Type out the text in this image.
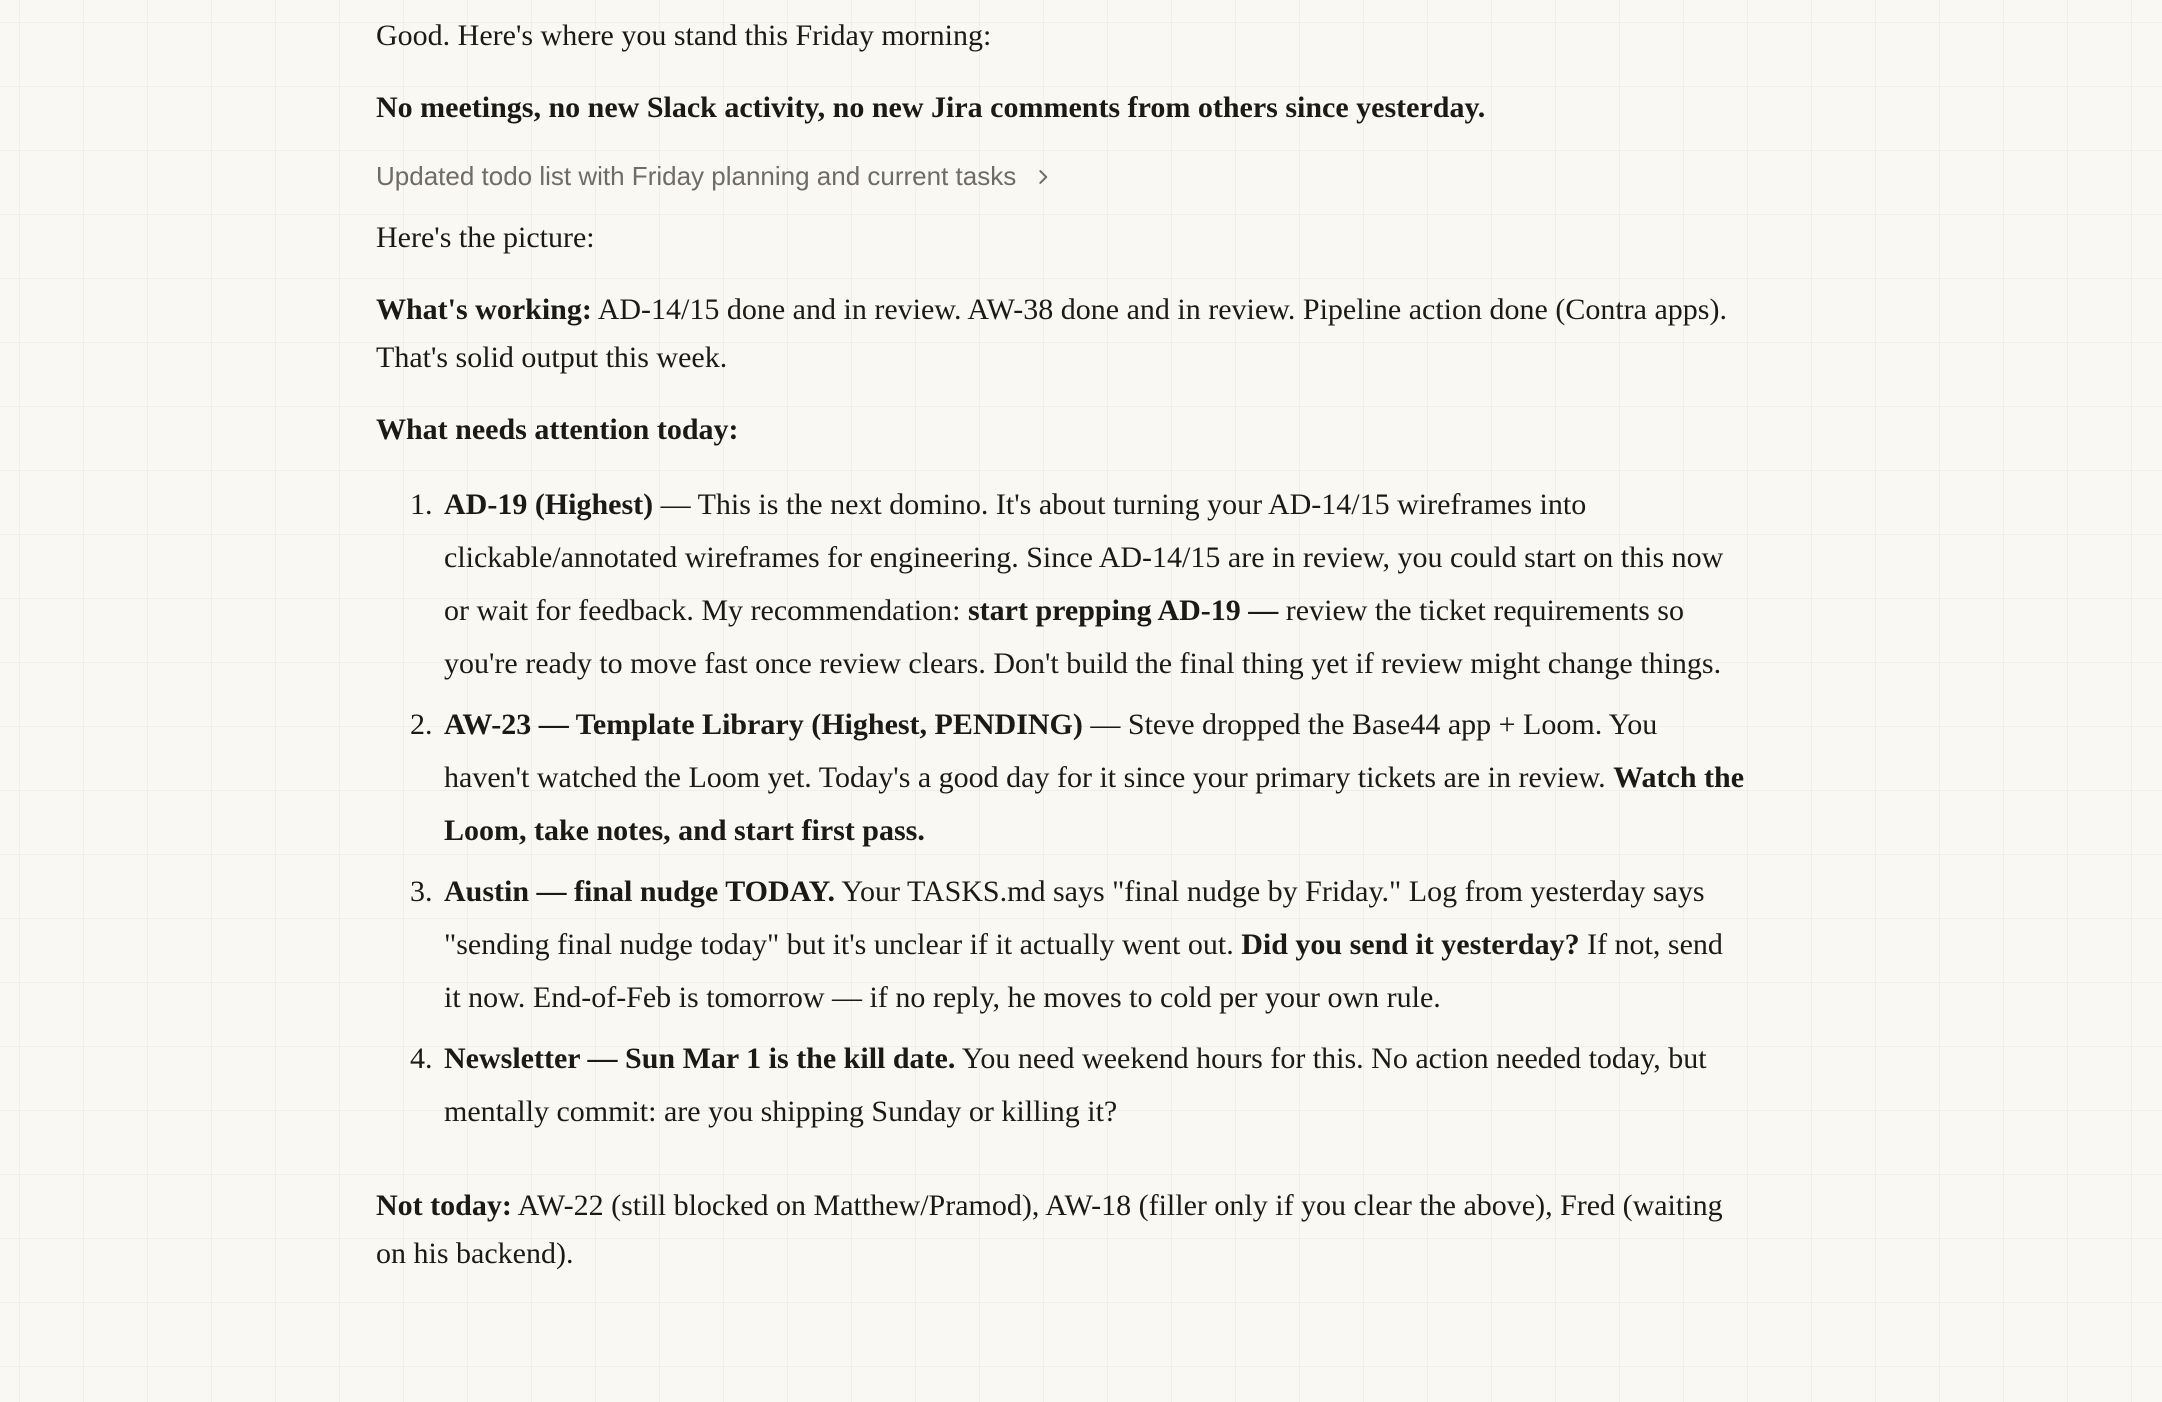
Good. Here's where you stand this Friday morning:

No meetings, no new Slack activity, no new Jira comments from others since yesterday.

Updated todo list with Friday planning and current tasks

Here's the picture:

What's working: AD-14/15 done and in review. AW-38 done and in review. Pipeline action done (Contra apps). That's solid output this week.

What needs attention today:

1. AD-19 (Highest) — This is the next domino. It's about turning your AD-14/15 wireframes into clickable/annotated wireframes for engineering. Since AD-14/15 are in review, you could start on this now or wait for feedback. My recommendation: start prepping AD-19 — review the ticket requirements so you're ready to move fast once review clears. Don't build the final thing yet if review might change things.
2. AW-23 — Template Library (Highest, PENDING) — Steve dropped the Base44 app + Loom. You haven't watched the Loom yet. Today's a good day for it since your primary tickets are in review. Watch the Loom, take notes, and start first pass.
3. Austin — final nudge TODAY. Your TASKS.md says "final nudge by Friday." Log from yesterday says "sending final nudge today" but it's unclear if it actually went out. Did you send it yesterday? If not, send it now. End-of-Feb is tomorrow — if no reply, he moves to cold per your own rule.
4. Newsletter — Sun Mar 1 is the kill date. You need weekend hours for this. No action needed today, but mentally commit: are you shipping Sunday or killing it?

Not today: AW-22 (still blocked on Matthew/Pramod), AW-18 (filler only if you clear the above), Fred (waiting on his backend).
